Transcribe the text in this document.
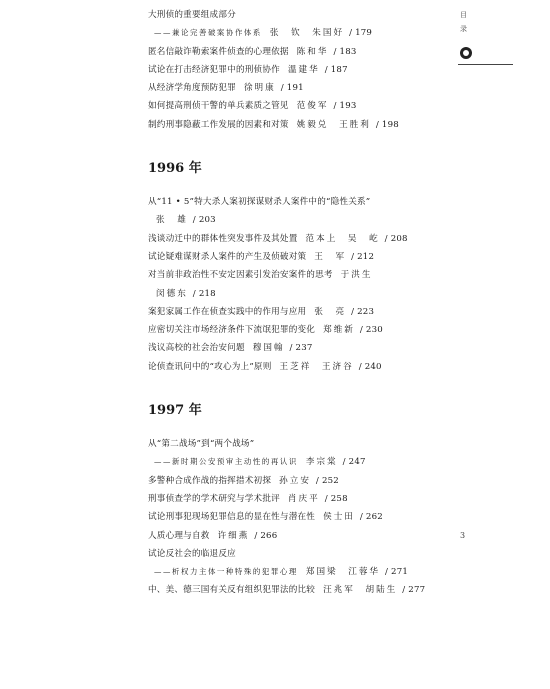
目
录
大刑侦的重要组成部分
——兼论完善破案协作体系 张　钦　朱国好 / 179
匿名信敲诈勒索案件侦查的心理依据 陈和华 / 183
试论在打击经济犯罪中的刑侦协作 溫建华 / 187
从经济学角度预防犯罪 徐明康 / 191
如何提高刑侦干警的单兵素质之管见 范俊军 / 193
制约刑事隐蔽工作发展的因素和对策 姚毅兑　王胜利 / 198
1996 年
从“11 • 5”特大杀人案初探谋财杀人案件中的“隐性关系”
张　雄 / 203
浅谈动迁中的群体性突发事件及其处置 范本上　吴　屹 / 208
试论疑难谋财杀人案件的产生及侦破对策 王　军 / 212
对当前非政治性不安定因素引发治安案件的思考 于洪生
闵德东 / 218
案犯家属工作在侦查实践中的作用与应用 张　亮 / 223
应密切关注市场经济条件下流氓犯罪的变化 郑维新 / 230
浅议高校的社会治安问题 穆国翰 / 237
论侦查讯问中的“攻心为上”原则 王芝祥　王济谷 / 240
1997 年
从“第二战场”到“两个战场”
——新时期公安预审主动性的再认识 李宗棠 / 247
多警种合成作战的指挥措术初探 孙立安 / 252
刑事侦查学的学术研究与学术批评 肖庆平 / 258
试论刑事犯现场犯罪信息的显在性与潜在性 侯士田 / 262
人质心理与自救 许细燕 / 266
试论反社会的临退反应
——析权力主体一种特殊的犯罪心理 郑国梁　江蓉华 / 271
中、美、德三国有关反有组织犯罪法的比较 汪兆军　胡陆生 / 277
3
